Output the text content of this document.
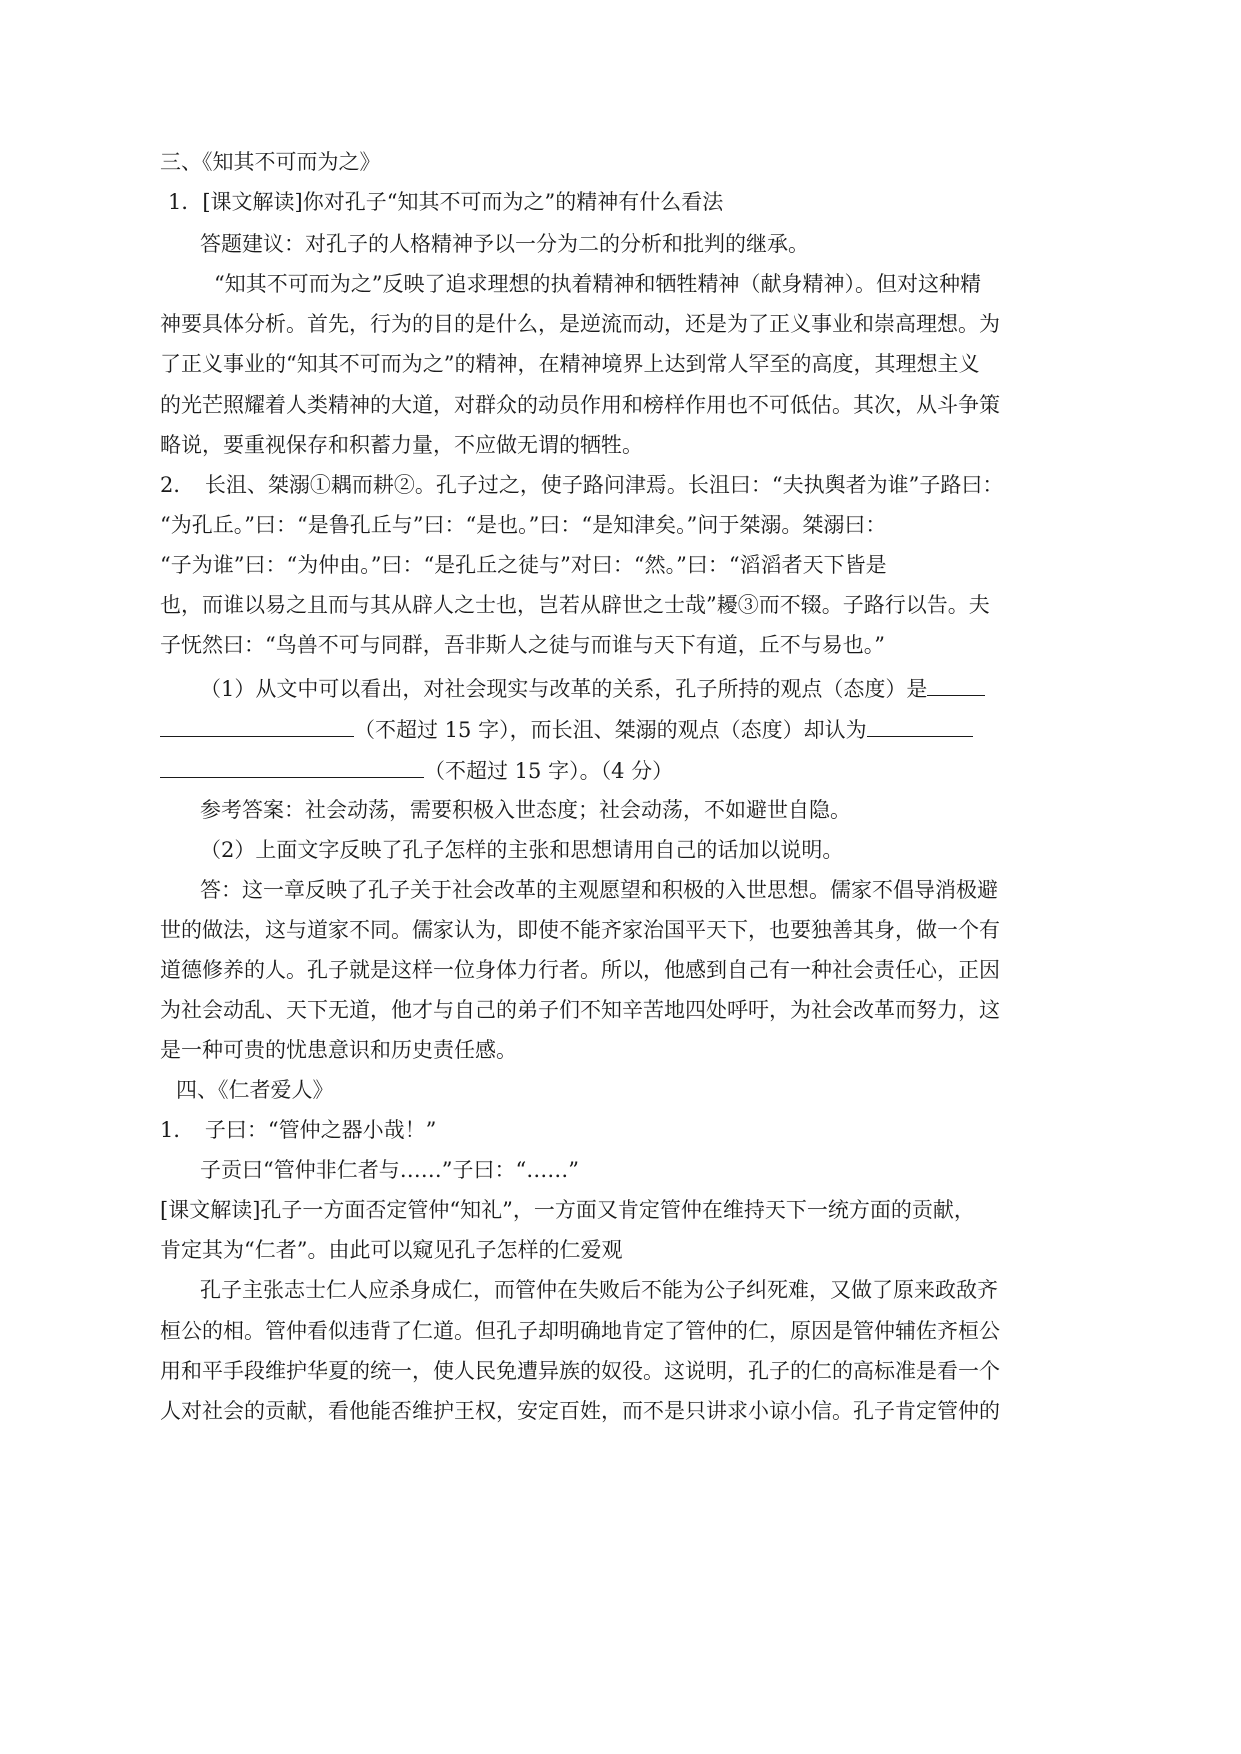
三、《知其不可而为之》
1．[课文解读]你对孔子“知其不可而为之”的精神有什么看法
答题建议：对孔子的人格精神予以一分为二的分析和批判的继承。
“知其不可而为之”反映了追求理想的执着精神和牺牲精神（献身精神）。但对这种精
神要具体分析。首先，行为的目的是什么，是逆流而动，还是为了正义事业和崇高理想。为
了正义事业的“知其不可而为之”的精神，在精神境界上达到常人罕至的高度，其理想主义
的光芒照耀着人类精神的大道，对群众的动员作用和榜样作用也不可低估。其次，从斗争策
略说，要重视保存和积蓄力量，不应做无谓的牺牲。
2．　长沮、桀溺①耦而耕②。孔子过之，使子路问津焉。长沮曰：“夫执舆者为谁”子路曰：
“为孔丘。”曰：“是鲁孔丘与”曰：“是也。”曰：“是知津矣。”问于桀溺。桀溺曰：
“子为谁”曰：“为仲由。”曰：“是孔丘之徒与”对曰：“然。”曰：“滔滔者天下皆是
也，而谁以易之且而与其从辟人之士也，岂若从辟世之士哉”耰③而不辍。子路行以告。夫
子怃然曰：“鸟兽不可与同群，吾非斯人之徒与而谁与天下有道，丘不与易也。”
（1）从文中可以看出，对社会现实与改革的关系，孔子所持的观点（态度）是
（不超过 15 字），而长沮、桀溺的观点（态度）却认为
（不超过 15 字）。（4 分）
参考答案：社会动荡，需要积极入世态度；社会动荡，不如避世自隐。
（2）上面文字反映了孔子怎样的主张和思想请用自己的话加以说明。
答：这一章反映了孔子关于社会改革的主观愿望和积极的入世思想。儒家不倡导消极避
世的做法，这与道家不同。儒家认为，即使不能齐家治国平天下，也要独善其身，做一个有
道德修养的人。孔子就是这样一位身体力行者。所以，他感到自己有一种社会责任心，正因
为社会动乱、天下无道，他才与自己的弟子们不知辛苦地四处呼吁，为社会改革而努力，这
是一种可贵的忧患意识和历史责任感。
四、《仁者爱人》
1．　子曰：“管仲之器小哉！”
子贡曰“管仲非仁者与……”子曰：“……”
[课文解读]孔子一方面否定管仲“知礼”，一方面又肯定管仲在维持天下一统方面的贡献，
肯定其为“仁者”。由此可以窥见孔子怎样的仁爱观
孔子主张志士仁人应杀身成仁，而管仲在失败后不能为公子纠死难，又做了原来政敌齐
桓公的相。管仲看似违背了仁道。但孔子却明确地肯定了管仲的仁，原因是管仲辅佐齐桓公
用和平手段维护华夏的统一，使人民免遭异族的奴役。这说明，孔子的仁的高标准是看一个
人对社会的贡献，看他能否维护王权，安定百姓，而不是只讲求小谅小信。孔子肯定管仲的
